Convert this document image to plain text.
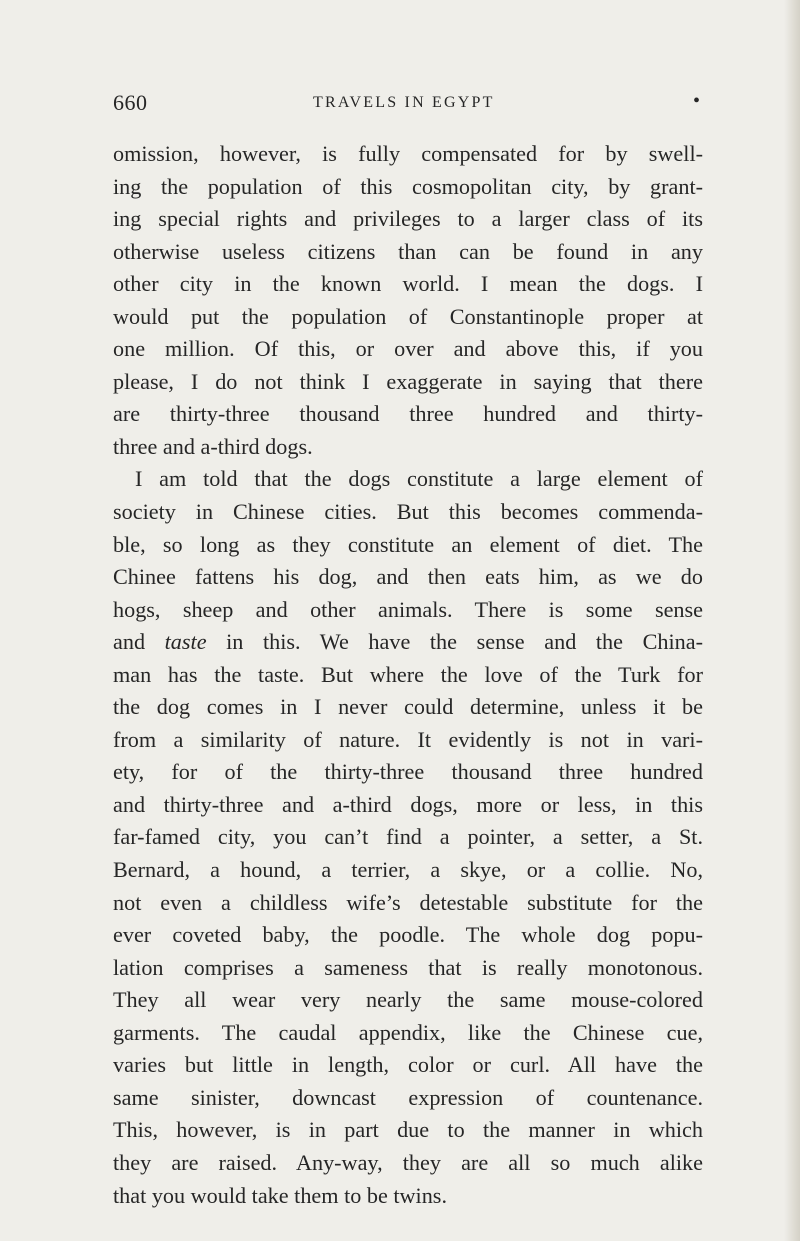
660	TRAVELS IN EGYPT	•
omission, however, is fully compensated for by swell-
ing the population of this cosmopolitan city, by grant-
ing special rights and privileges to a larger class of its
otherwise useless citizens than can be found in any
other city in the known world. I mean the dogs. I
would put the population of Constantinople proper at
one million. Of this, or over and above this, if you
please, I do not think I exaggerate in saying that there
are thirty-three thousand three hundred and thirty-
three and a-third dogs.
I am told that the dogs constitute a large element of
society in Chinese cities. But this becomes commenda-
ble, so long as they constitute an element of diet. The
Chinee fattens his dog, and then eats him, as we do
hogs, sheep and other animals. There is some sense
and taste in this. We have the sense and the China-
man has the taste. But where the love of the Turk for
the dog comes in I never could determine, unless it be
from a similarity of nature. It evidently is not in vari-
ety, for of the thirty-three thousand three hundred
and thirty-three and a-third dogs, more or less, in this
far-famed city, you can’t find a pointer, a setter, a St.
Bernard, a hound, a terrier, a skye, or a collie. No,
not even a childless wife’s detestable substitute for the
ever coveted baby, the poodle. The whole dog popu-
lation comprises a sameness that is really monotonous.
They all wear very nearly the same mouse-colored
garments. The caudal appendix, like the Chinese cue,
varies but little in length, color or curl. All have the
same sinister, downcast expression of countenance.
This, however, is in part due to the manner in which
they are raised. Any-way, they are all so much alike
that you would take them to be twins.
